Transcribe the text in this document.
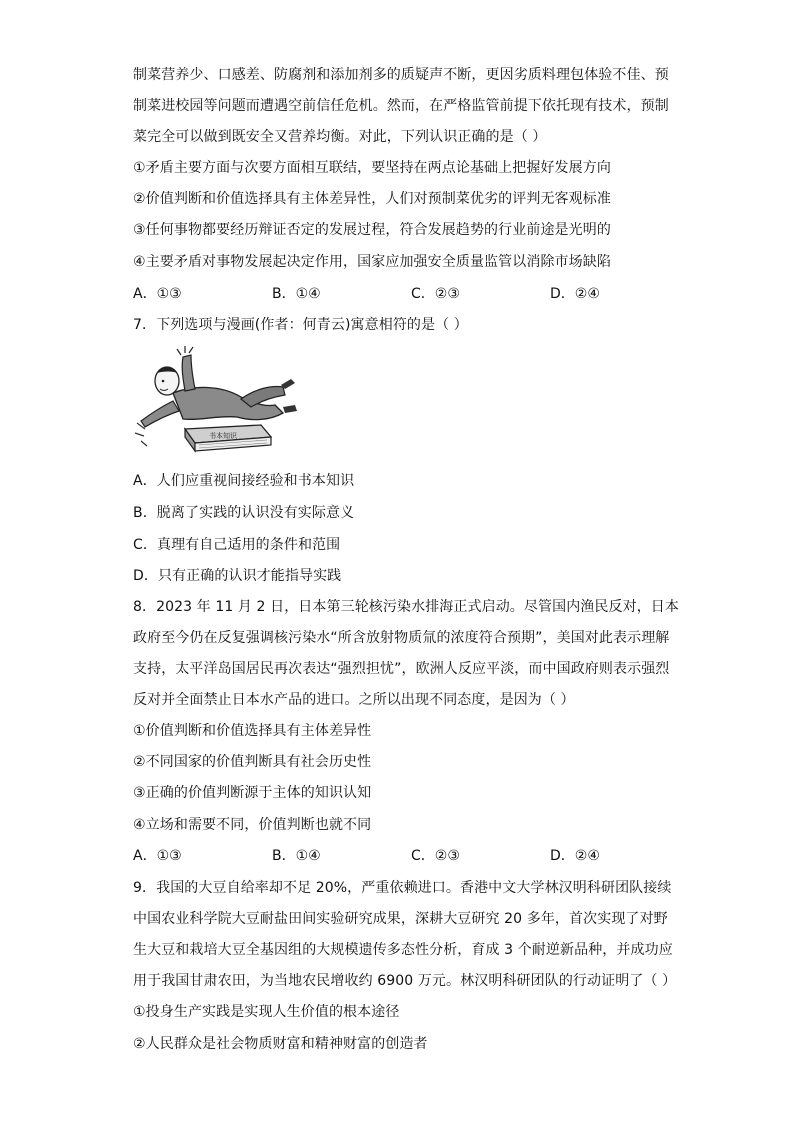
制菜营养少、口感差、防腐剂和添加剂多的质疑声不断，更因劣质料理包体验不佳、预
制菜进校园等问题而遭遇空前信任危机。然而，在严格监管前提下依托现有技术，预制
菜完全可以做到既安全又营养均衡。对此，下列认识正确的是（ ）
①矛盾主要方面与次要方面相互联结，要坚持在两点论基础上把握好发展方向
②价值判断和价值选择具有主体差异性，人们对预制菜优劣的评判无客观标准
③任何事物都要经历辩证否定的发展过程，符合发展趋势的行业前途是光明的
④主要矛盾对事物发展起决定作用，国家应加强安全质量监管以消除市场缺陷
A．①③	B．①④	C．②③	D．②④
7．下列选项与漫画(作者：何青云)寓意相符的是（ ）
书本知识
A．人们应重视间接经验和书本知识
B．脱离了实践的认识没有实际意义
C．真理有自己适用的条件和范围
D．只有正确的认识才能指导实践
8．2023 年 11 月 2 日，日本第三轮核污染水排海正式启动。尽管国内渔民反对，日本
政府至今仍在反复强调核污染水“所含放射物质氚的浓度符合预期”，美国对此表示理解
支持，太平洋岛国居民再次表达“强烈担忧”，欧洲人反应平淡，而中国政府则表示强烈
反对并全面禁止日本水产品的进口。之所以出现不同态度，是因为（ ）
①价值判断和价值选择具有主体差异性
②不同国家的价值判断具有社会历史性
③正确的价值判断源于主体的知识认知
④立场和需要不同，价值判断也就不同
A．①③	B．①④	C．②③	D．②④
9．我国的大豆自给率却不足 20%，严重依赖进口。香港中文大学林汉明科研团队接续
中国农业科学院大豆耐盐田间实验研究成果，深耕大豆研究 20 多年，首次实现了对野
生大豆和栽培大豆全基因组的大规模遗传多态性分析，育成 3 个耐逆新品种，并成功应
用于我国甘肃农田，为当地农民增收约 6900 万元。林汉明科研团队的行动证明了（ ）
①投身生产实践是实现人生价值的根本途径
②人民群众是社会物质财富和精神财富的创造者
